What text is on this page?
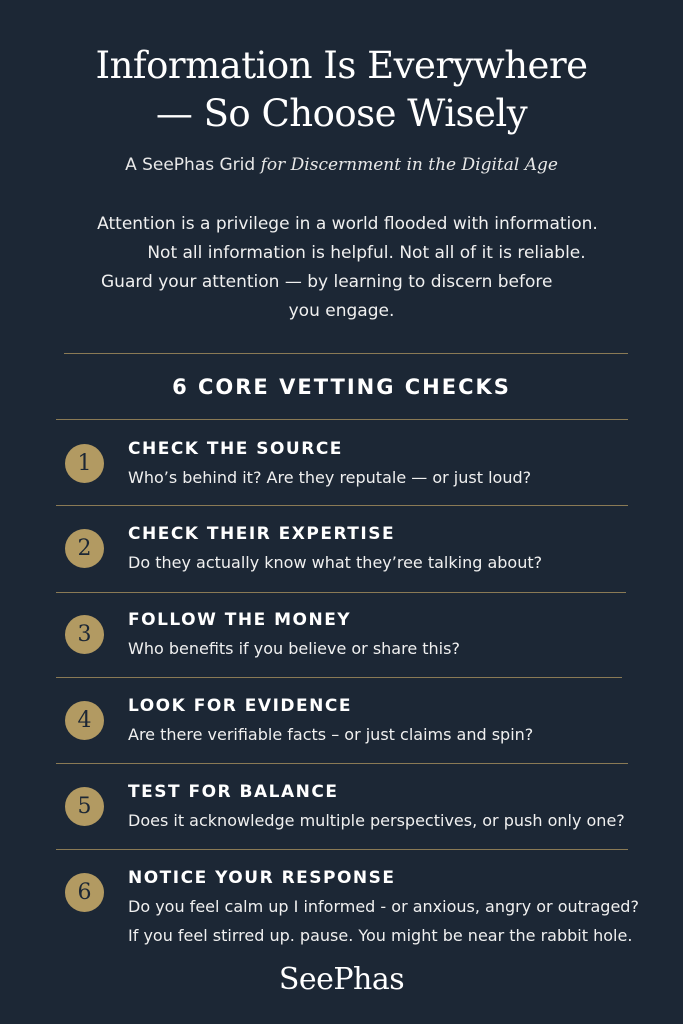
Information Is Everywhere
— So Choose Wisely
A SeePhas Grid for Discernment in the Digital Age
Attention is a privilege in a world flooded with information.
Not all information is helpful. Not all of it is reliable.
Guard your attention — by learning to discern before
you engage.
6 CORE VETTING CHECKS
1
CHECK THE SOURCE
Who’s behind it? Are they reputale — or just loud?
2
CHECK THEIR EXPERTISE
Do they actually know what they’ree talking about?
3
FOLLOW THE MONEY
Who benefits if you believe or share this?
4
LOOK FOR EVIDENCE
Are there verifiable facts – or just claims and spin?
5
TEST FOR BALANCE
Does it acknowledge multiple perspectives, or push only one?
6
NOTICE YOUR RESPONSE
Do you feel calm up I informed - or anxious, angry or outraged?
If you feel stirred up. pause. You might be near the rabbit hole.
SeePhas
